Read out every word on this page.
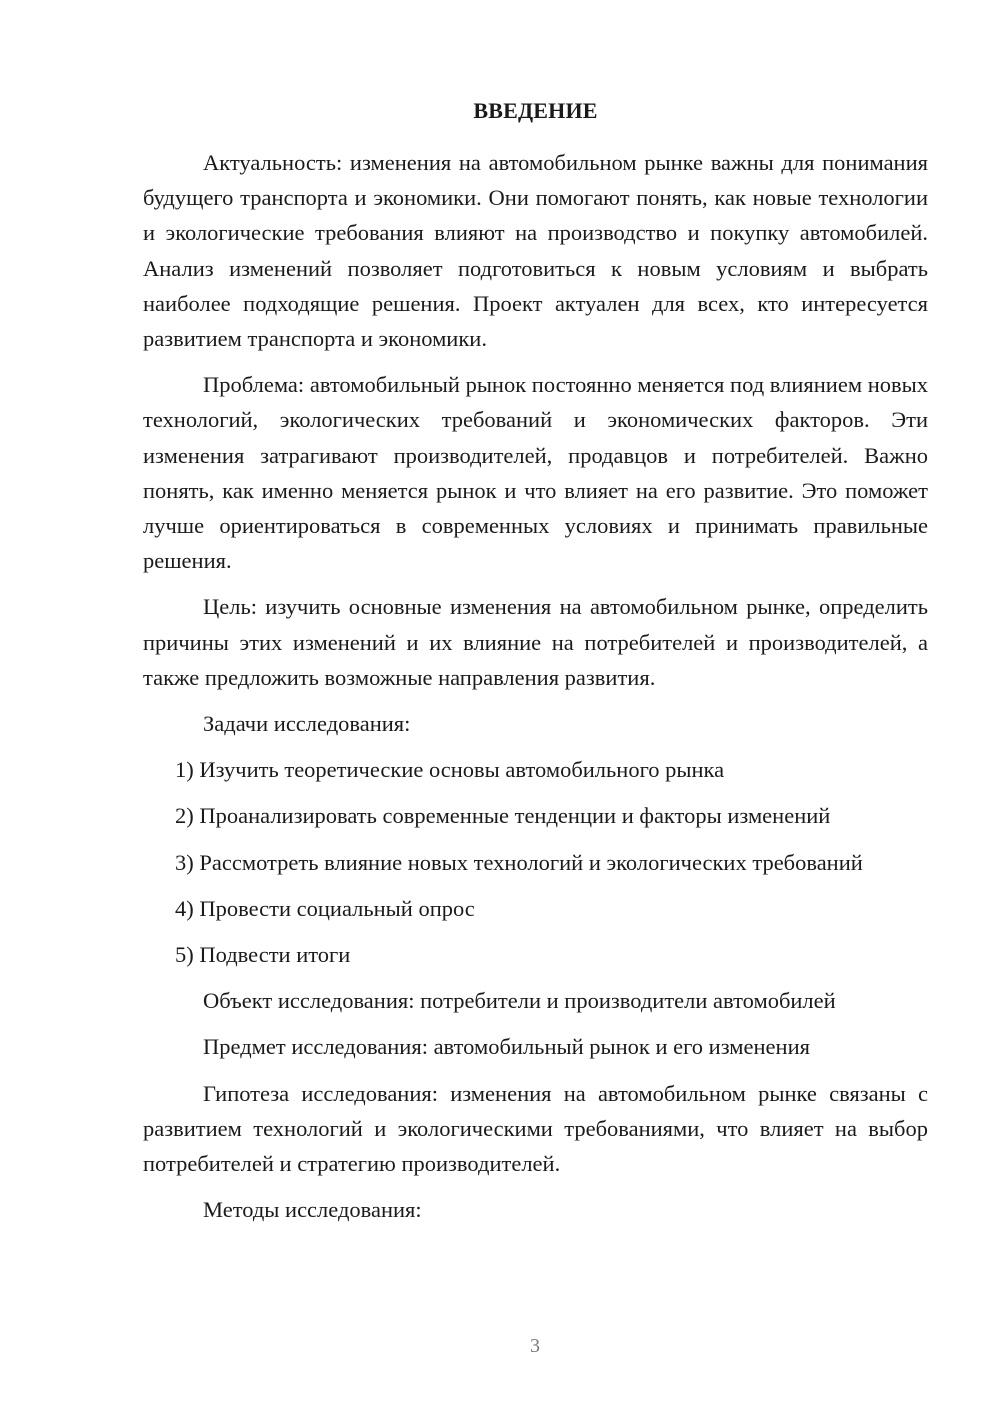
ВВЕДЕНИЕ

Актуальность: изменения на автомобильном рынке важны для понимания будущего транспорта и экономики. Они помогают понять, как новые технологии и экологические требования влияют на производство и покупку автомобилей. Анализ изменений позволяет подготовиться к новым условиям и выбрать наиболее подходящие решения. Проект актуален для всех, кто интересуется развитием транспорта и экономики.

Проблема: автомобильный рынок постоянно меняется под влиянием новых технологий, экологических требований и экономических факторов. Эти изменения затрагивают производителей, продавцов и потребителей. Важно понять, как именно меняется рынок и что влияет на его развитие. Это поможет лучше ориентироваться в современных условиях и принимать правильные решения.

Цель: изучить основные изменения на автомобильном рынке, определить причины этих изменений и их влияние на потребителей и производителей, а также предложить возможные направления развития.

Задачи исследования:

1) Изучить теоретические основы автомобильного рынка

2) Проанализировать современные тенденции и факторы изменений

3) Рассмотреть влияние новых технологий и экологических требований

4) Провести социальный опрос

5) Подвести итоги

Объект исследования: потребители и производители автомобилей

Предмет исследования: автомобильный рынок и его изменения

Гипотеза исследования: изменения на автомобильном рынке связаны с развитием технологий и экологическими требованиями, что влияет на выбор потребителей и стратегию производителей.

Методы исследования:

3
